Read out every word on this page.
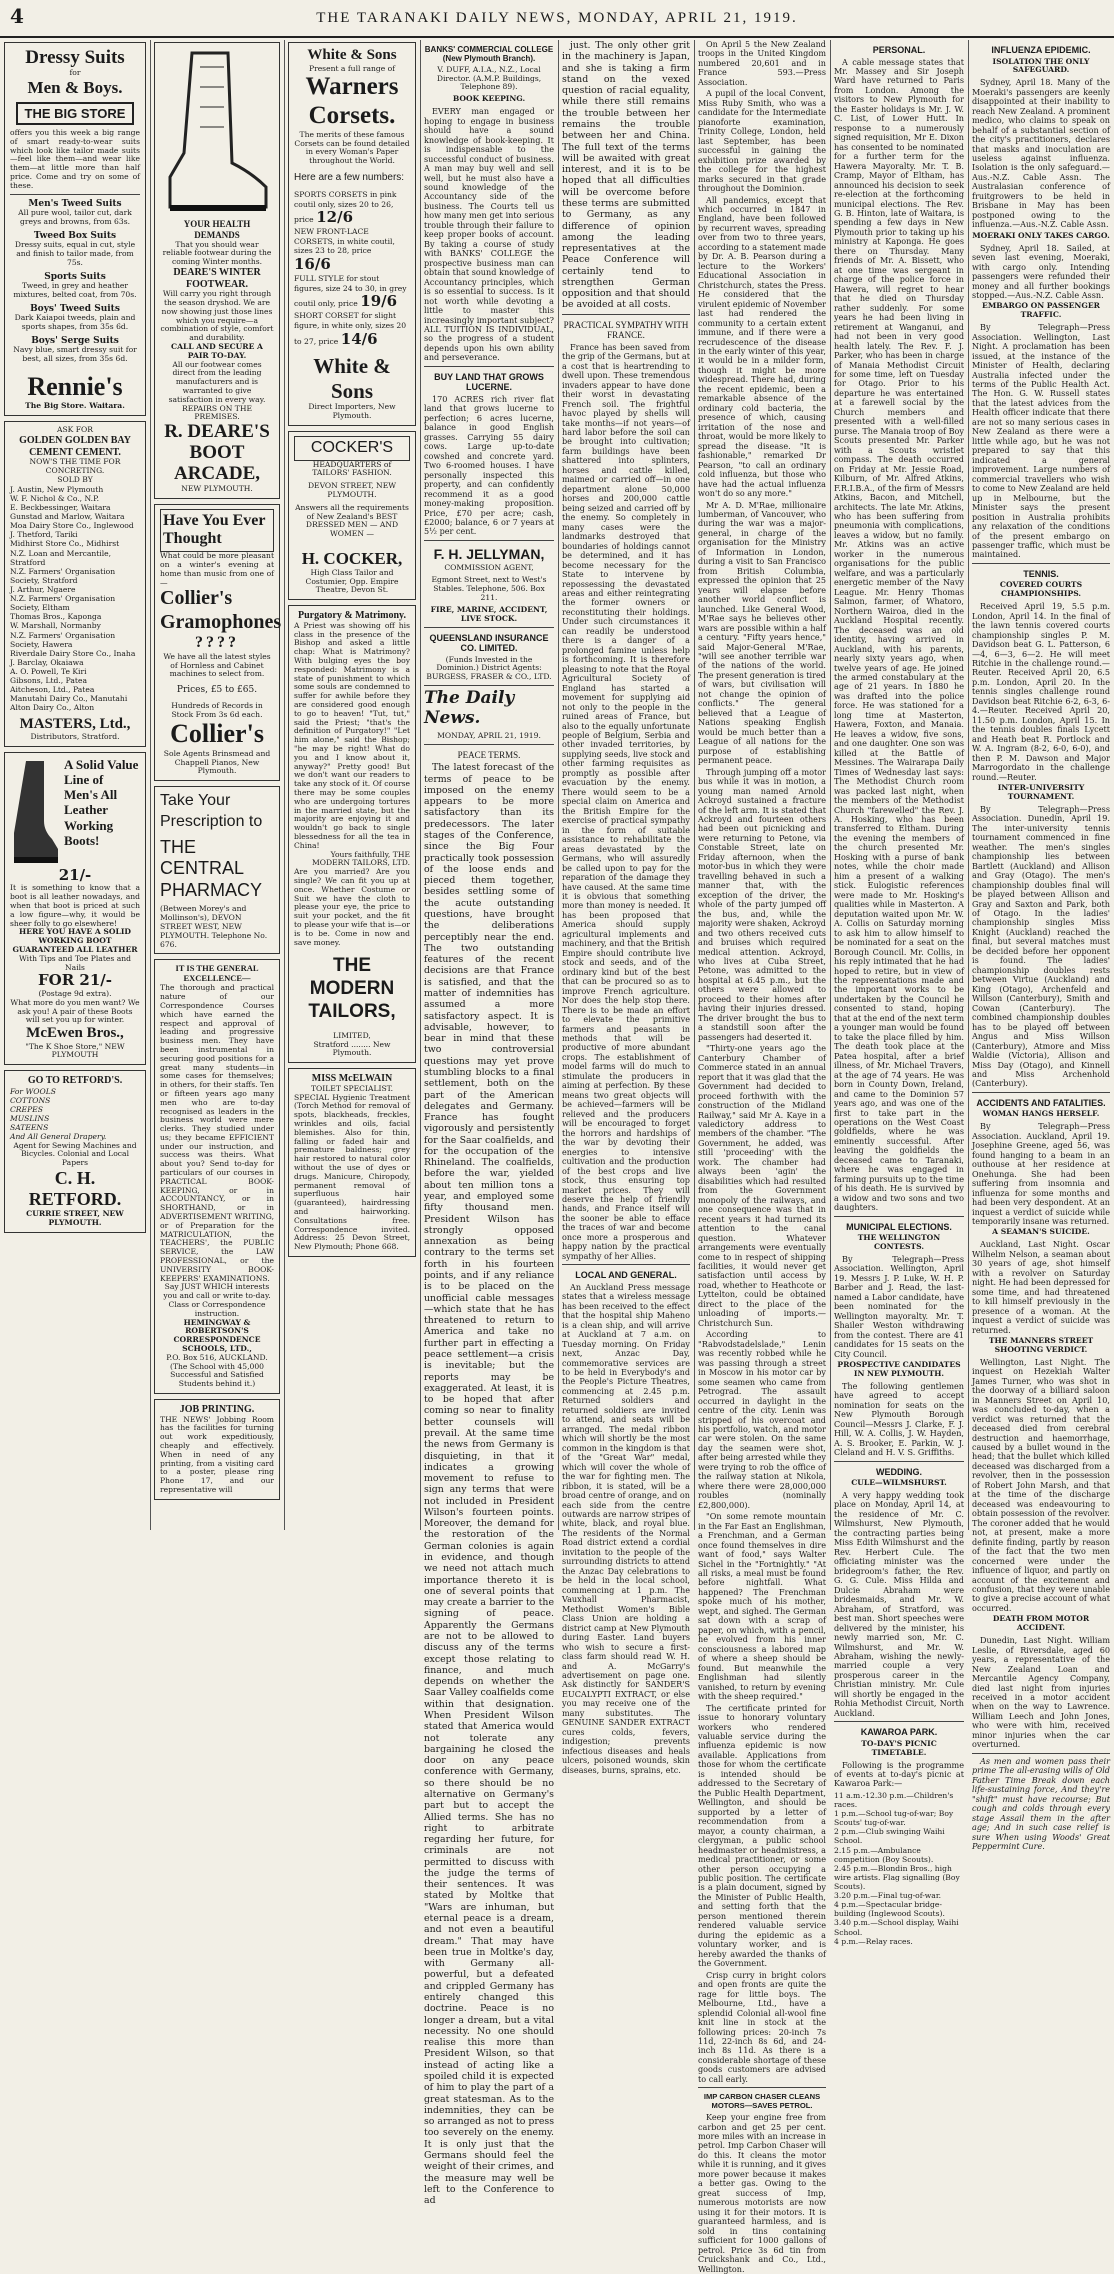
4	THE TARANAKI DAILY NEWS, MONDAY, APRIL 21, 1919.
Dressy Suits
for
Men & Boys.
THE BIG STORE
offers you this week a big range of smart ready-to-wear suits which look like tailor made suits—feel like them—and wear like them—at little more than half price. Come and try on some of these.
Men's Tweed Suits
All pure wool, tailor cut, dark greys and browns, from 63s.
Tweed Box Suits
Dressy suits, equal in cut, style and finish to tailor made, from 75s.
Sports Suits
Tweed, in grey and heather mixtures, belted coat, from 70s.
Boys' Tweed Suits
Dark Kaiapoi tweeds, plain and sports shapes, from 35s 6d.
Boys' Serge Suits
Navy blue, smart dressy suit for best, all sizes, from 35s 6d.
Rennie's
The Big Store. Waitara.
ASK FOR
GOLDEN GOLDEN BAY CEMENT CEMENT.
NOW'S THE TIME FOR CONCRETING.
SOLD BY
J. Austin, New Plymouth
W. F. Nichol & Co., N.P.
E. Beckbessinger, Waitara
Gunstad and Marlow, Waitara
Moa Dairy Store Co., Inglewood
J. Thetford, Tariki
Midhirst Store Co., Midhirst
N.Z. Loan and Mercantile, Stratford
N.Z. Farmers' Organisation Society, Stratford
J. Arthur, Ngaere
N.Z. Farmers' Organisation Society, Eltham
Thomas Bros., Kaponga
W. Marshall, Normanby
N.Z. Farmers' Organisation Society, Hawera
Riverdale Dairy Store Co., Inaha
J. Barclay, Okaiawa
A. O. Powell, Te Kiri
Gibsons, Ltd., Patea
Aitcheson, Ltd., Patea
Manutahi Dairy Co., Manutahi
Alton Dairy Co., Alton
MASTERS, Ltd.,
Distributors, Stratford.
A Solid Value Line of Men's All Leather Working Boots!
21/-
It is something to know that a boot is all leather nowadays, and when that boot is priced at such a low figure—why, it would be sheer folly to go elsewhere!
HERE YOU HAVE A SOLID WORKING BOOT GUARANTEED ALL LEATHER
With Tips and Toe Plates and Nails
FOR 21/-
(Postage 9d extra).
What more do you men want? We ask you! A pair of these Boots will set you up for winter.
McEwen Bros.,
"The K Shoe Store," NEW PLYMOUTH
GO TO RETFORD'S.
For WOOLS
COTTONS
CREPES
MUSLINS
SATEENS
And All General Drapery.
Agent for Sewing Machines and Bicycles. Colonial and Local Papers
C. H. RETFORD.
CURRIE STREET, NEW PLYMOUTH.
YOUR HEALTH DEMANDS
That you should wear reliable footwear during the coming Winter months.
DEARE'S WINTER FOOTWEAR.
Will carry you right through the season dryshod. We are now showing just those lines which you require—a combination of style, comfort and durability.
CALL AND SECURE A PAIR TO-DAY.
All our footwear comes direct from the leading manufacturers and is warranted to give satisfaction in every way. REPAIRS ON THE PREMISES.
R. DEARE'S BOOT ARCADE,
NEW PLYMOUTH.
Have You Ever Thought
What could be more pleasant on a winter's evening at home than music from one of—
Collier's Gramophones
????
We have all the latest styles of Hornless and Cabinet machines to select from.
Prices, £5 to £65.
Hundreds of Records in Stock From 3s 6d each.
Collier's
Sole Agents Brinsmead and Chappell Pianos, New Plymouth.
Take Your Prescription to
THE CENTRAL PHARMACY
(Between Morey's and Mollinson's), DEVON STREET WEST, NEW PLYMOUTH. Telephone No. 676.
IT IS THE GENERAL EXCELLENCE—
The thorough and practical nature of our Correspondence Courses which have earned the respect and approval of leading and progressive business men. They have been instrumental in securing good positions for a great many students—in some cases for themselves; in others, for their staffs. Ten or fifteen years ago many men who are to-day recognised as leaders in the business world were mere clerks. They studied under us; they became EFFICIENT under our instruction, and success was theirs. What about you? Send to-day for particulars of our courses in PRACTICAL BOOK-KEEPING, or in ACCOUNTANCY, or in SHORTHAND, or in ADVERTISEMENT WRITING, or of Preparation for the MATRICULATION, the TEACHERS', the PUBLIC SERVICE, the LAW PROFESSIONAL, or the UNIVERSITY BOOK-KEEPERS' EXAMINATIONS.
Say JUST WHICH interests you and call or write to-day. Class or Correspondence instruction.
HEMINGWAY & ROBERTSON'S CORRESPONDENCE SCHOOLS, LTD.,
P.O. Box 516, AUCKLAND.
(The School with 45,000 Successful and Satisfied Students behind it.)
JOB PRINTING.
THE NEWS' Jobbing Room has the facilities for turning out work expeditiously, cheaply and effectively. When in need of any printing, from a visiting card to a poster, please ring Phone 17, and our representative will
White & Sons
Present a full range of
Warners Corsets.
The merits of these famous Corsets can be found detailed in every Woman's Paper throughout the World.
Here are a few numbers:
SPORTS CORSETS in pink coutil only, sizes 20 to 26, price 12/6
NEW FRONT-LACE CORSETS, in white coutil, sizes 23 to 28, price 16/6
FULL STYLE for stout figures, size 24 to 30, in grey coutil only, price 19/6
SHORT CORSET for slight figure, in white only, sizes 20 to 27, price 14/6
White & Sons
Direct Importers, New Plymouth.
COCKER'S
HEADQUARTERS of TAILORS' FASHION.
DEVON STREET, NEW PLYMOUTH.
Answers all the requirements of New Zealand's BEST DRESSED MEN — AND WOMEN —
H. COCKER,
High Class Tailor and Costumier, Opp. Empire Theatre, Devon St.
Purgatory & Matrimony.
A Priest was showing off his class in the presence of the Bishop and asked a little chap: What is Matrimony? With bulging eyes the boy responded: Matrimony is a state of punishment to which some souls are condemned to suffer for awhile before they are considered good enough to go to heaven! "Tut, tut," said the Priest; "that's the definition of Purgatory!" "Let him alone," said the Bishop; "he may be right! What do you and I know about it, anyway?" Pretty good! But we don't want our readers to take any stock of it. Of course there may be some couples who are undergoing tortures in the married state, but the majority are enjoying it and wouldn't go back to single blessedness for all the tea in China!
Yours faithfully, THE MODERN TAILORS, LTD.
Are you married? Are you single? We can fit you up at once. Whether Costume or Suit we have the cloth to please your eye, the price to suit your pocket, and the fit to please your wife that is—or is to be. Come in now and save money.
THE MODERN TAILORS,
LIMITED,
Stratford ........ New Plymouth.
MISS McELWAIN
TOILET SPECIALIST.
SPECIAL Hygienic Treatment (Torch Method for removal of spots, blackheads, freckles, wrinkles and oils, facial blemishes. Also for thin, falling or faded hair and premature baldness; grey hair restored to natural color without the use of dyes or drugs. Manicure, Chiropody, permanent removal of superfluous hair (guaranteed), hairdressing and hairworking. Consultations free. Correspondence invited. Address: 25 Devon Street, New Plymouth; Phone 668.
BANKS' COMMERCIAL COLLEGE (New Plymouth Branch).
V. DUFF, A.I.A., N.Z., Local Director. (A.M.P. Buildings, Telephone 89).
BOOK KEEPING.

EVERY man engaged or hoping to engage in business should have a sound knowledge of book-keeping. It is indispensable to the successful conduct of business. A man may buy well and sell well, but he must also have a sound knowledge of the Accountancy side of the business. The Courts tell us how many men get into serious trouble through their failure to keep proper books of account. By taking a course of study with BANKS' COLLEGE the prospective business man can obtain that sound knowledge of Accountancy principles, which is so essential to success. Is it not worth while devoting a little to master this increasingly important subject? ALL TUITION IS INDIVIDUAL, so the progress of a student depends upon his own ability and perseverance.

BUY LAND THAT GROWS LUCERNE.

170 ACRES rich river flat land that grows lucerne to perfection; 6 acres lucerne, balance in good English grasses. Carrying 55 dairy cows. Large up-to-date cowshed and concrete yard. Two 6-roomed houses. I have personally inspected this property, and can confidently recommend it as a good money-making proposition. Price, £70 per acre; cash, £2000; balance, 6 or 7 years at 5½ per cent.

F. H. JELLYMAN,
COMMISSION AGENT,
Egmont Street, next to West's Stables. Telephone, 506. Box 211.
FIRE, MARINE, ACCIDENT, LIVE STOCK.
QUEENSLAND INSURANCE CO. LIMITED.
(Funds Invested in the Dominion.) District Agents: BURGESS, FRASER & CO., LTD.
The Daily News.
MONDAY, APRIL 21, 1919.
PEACE TERMS.

The latest forecast of the terms of peace to be imposed on the enemy appears to be more satisfactory than its predecessors. The later stages of the Conference, since the Big Four practically took possession of the loose ends and pieced them together, besides settling some of the acute outstanding questions, have brought the deliberations perceptibly near the end. The two outstanding features of the recent decisions are that France is satisfied, and that the matter of indemnities has assumed a more satisfactory aspect. It is advisable, however, to bear in mind that these two controversial questions may yet prove stumbling blocks to a final settlement, both on the part of the American delegates and Germany. France has fought vigorously and persistently for the Saar coalfields, and for the occupation of the Rhineland. The coalfields, before the war, yielded about ten million tons a year, and employed some fifty thousand men. President Wilson has strongly opposed annexation as being contrary to the terms set forth in his fourteen points, and if any reliance is to be placed on the unofficial cable messages—which state that he has threatened to return to America and take no further part in effecting a peace settlement—a crisis is inevitable; but the reports may be exaggerated. At least, it is to be hoped that after coming so near to finality better counsels will prevail. At the same time the news from Germany is disquieting, in that it indicates a growing movement to refuse to sign any terms that were not included in President Wilson's fourteen points. Moreover, the demand for the restoration of the German colonies is again in evidence, and though we need not attach much importance thereto it is one of several points that may create a barrier to the signing of peace. Apparently the Germans are not to be allowed to discuss any of the terms except those relating to finance, and much depends on whether the Saar Valley coalfields come within that designation. When President Wilson stated that America would not tolerate any bargaining he closed the door on any peace conference with Germany, so there should be no alternative on Germany's part but to accept the Allied terms. She has no right to arbitrate regarding her future, for criminals are not permitted to discuss with the judge the terms of their sentences. It was stated by Moltke that "Wars are inhuman, but eternal peace is a dream, and not even a beautiful dream." That may have been true in Moltke's day, with Germany all-powerful, but a defeated and crippled Germany has entirely changed this doctrine. Peace is no longer a dream, but a vital necessity. No one should realise this more than President Wilson, so that instead of acting like a spoiled child it is expected of him to play the part of a great statesman. As to the indemnities, they can be so arranged as not to press too severely on the enemy. It is only just that the Germans should feel the weight of their crimes, and the measure may well be left to the Conference to ad

just. The only other grit in the machinery is Japan, and she is taking a firm stand on the vexed question of racial equality, while there still remains the trouble between her remains the trouble between her and China. The full text of the terms will be awaited with great interest, and it is to be hoped that all difficulties will be overcome before these terms are submitted to Germany, as any difference of opinion among the leading representatives at the Peace Conference will certainly tend to strengthen German opposition and that should be avoided at all costs.

PRACTICAL SYMPATHY WITH FRANCE.

France has been saved from the grip of the Germans, but at a cost that is heartrending to dwell upon. These tremendous invaders appear to have done their worst in devastating French soil. The frightful havoc played by shells will take months—if not years—of hard labor before the soil can be brought into cultivation; farm buildings have been shattered into splinters, horses and cattle killed, maimed or carried off—in one department alone 50,000 horses and 200,000 cattle being seized and carried off by the enemy. So completely in many cases were the landmarks destroyed that boundaries of holdings cannot be determined, and it has become necessary for the State to intervene by repossessing the devastated areas and either reintegrating the former owners or reconstituting their holdings. Under such circumstances it can readily be understood there is a danger of a prolonged famine unless help is forthcoming. It is therefore pleasing to note that the Royal Agricultural Society of England has started a movement for supplying aid not only to the people in the ruined areas of France, but also to the equally unfortunate people of Belgium, Serbia and other invaded territories, by supplying seeds, live stock and other farming requisites as promptly as possible after evacuation by the enemy. There would seem to be a special claim on America and the British Empire for the exercise of practical sympathy in the form of suitable assistance to rehabilitate the areas devastated by the Germans, who will assuredly be called upon to pay for the reparation of the damage they have caused. At the same time it is obvious that something more than money is needed. It has been proposed that America should supply agricultural implements and machinery, and that the British Empire should contribute live stock and seeds, and of the ordinary kind but of the best that can be procured so as to improve French agriculture. Nor does the help stop there. There is to be made an effort to elevate the primitive farmers and peasants in methods that will be productive of more abundant crops. The establishment of model farms will do much to stimulate the producers in aiming at perfection. By these means two great objects will be achieved—farmers will be relieved and the producers will be encouraged to forget the horrors and hardships of the war by devoting their energies to intensive cultivation and the production of the best crops and live stock, thus ensuring top market prices. They will deserve the help of friendly hands, and France itself will the sooner be able to efface the traces of war and become once more a prosperous and happy nation by the practical sympathy of her Allies.

LOCAL AND GENERAL.

An Auckland Press message states that a wireless message has been received to the effect that the hospital ship Maheno is a clean ship, and will arrive at Auckland at 7 a.m. on Tuesday morning. On Friday next, Anzac Day, commemorative services are to be held in Everybody's and the People's Picture Theatres, commencing at 2.45 p.m. Returned soldiers and returned soldiers are invited to attend, and seats will be arranged. The medal ribbon which will shortly be the most common in the kingdom is that of the "Great War" medal, which will cover the whole of the war for fighting men. The ribbon, it is stated, will be a broad centre of orange, and on each side from the centre outwards are narrow stripes of white, black, and royal blue. The residents of the Normal Road district extend a cordial invitation to the people of the surrounding districts to attend the Anzac Day celebrations to be held in the local school, commencing at 1 p.m. The Vauxhall Pharmacist, Methodist Women's Bible Class Union are holding a district camp at New Plymouth during Easter. Land buyers who wish to secure a first-class farm should read W. H. and A. McGarry's advertisement on page one. Ask distinctly for SANDER'S EUCALYPTI EXTRACT, or else you may receive one of the many substitutes. The GENUINE SANDER EXTRACT cures colds, fevers, indigestion; prevents infectious diseases and heals ulcers, poisoned wounds, skin diseases, burns, sprains, etc.

On April 5 the New Zealand troops in the United Kingdom numbered 20,601 and in France 593.—Press Association.

A pupil of the local Convent, Miss Ruby Smith, who was a candidate for the Intermediate pianoforte examination, Trinity College, London, held last September, has been successful in gaining the exhibition prize awarded by the college for the highest marks secured in that grade throughout the Dominion.

All pandemics, except that which occurred in 1847 in England, have been followed by recurrent waves, spreading over from two to three years, according to a statement made by Dr. A. B. Pearson during a lecture to the Workers' Educational Association in Christchurch, states the Press. He considered that the virulent epidemic of November last had rendered the community to a certain extent immune, and if there were a recrudescence of the disease in the early winter of this year, it would be in a milder form, though it might be more widespread. There had, during the recent epidemic, been a remarkable absence of the ordinary cold bacteria, the presence of which, causing irritation of the nose and throat, would be more likely to spread the disease. "It is fashionable," remarked Dr Pearson, "to call an ordinary cold influenza, but those who have had the actual influenza won't do so any more."

Mr A. D. M'Rae, millionaire lumberman, of Vancouver, who during the war was a major-general, in charge of the organisation for the Ministry of Information in London, during a visit to San Francisco from British Columbia, expressed the opinion that 25 years will elapse before another world conflict is launched. Like General Wood, M'Rae says he believes other wars are possible within a half a century. "Fifty years hence," said Major-General M'Rae, "will see another terrible war of the nations of the world. The present generation is tired of wars, but civilisation will not change the opinion of conflicts." The general believed that a League of Nations speaking English would be much better than a League of all nations for the purpose of establishing permanent peace.

Through jumping off a motor bus while it was in motion, a young man named Arnold Ackroyd sustained a fracture of the left arm. It is stated that Ackroyd and fourteen others had been out picnicking and were returning to Petone, via Constable Street, late on Friday afternoon, when the motor-bus in which they were travelling behaved in such a manner that, with the exception of the driver, the whole of the party jumped off the bus, and, while the majority were shaken, Ackroyd and two others received cuts and bruises which required medical attention. Ackroyd, who lives at Cuba Street, Petone, was admitted to the hospital at 6.45 p.m., but the others were allowed to proceed to their homes after having their injuries dressed. The driver brought the bus to a standstill soon after the passengers had deserted it.

"Thirty-one years ago the Canterbury Chamber of Commerce stated in an annual report that it was glad that the Government had decided to proceed forthwith with the construction of the Midland Railway," said Mr A. Kaye in a valedictory address to members of the chamber. "The Government, he added, was still 'proceeding' with the work. The chamber had always been 'agin' the disabilities which had resulted from the Government monopoly of the railways, and one consequence was that in recent years it had turned its attention to the canal question. Whatever arrangements were eventually come to in respect of shipping facilities, it would never get satisfaction until access by road, whether to Heathcote or Lyttelton, could be obtained direct to the place of the unloading of imports.—Christchurch Sun.

According to "Rabvodstadelslade," Lenin was recently robbed while he was passing through a street in Moscow in his motor car by some seamen who came from Petrograd. The assault occurred in daylight in the centre of the city. Lenin was stripped of his overcoat and his portfolio, watch, and motor car were stolen. On the same day the seamen were shot, after being arrested while they were trying to rob the office of the railway station at Nikola, where there were 28,000,000 roubles (nominally £2,800,000).

"On some remote mountain in the Far East an Englishman, a Frenchman, and a German once found themselves in dire want of food," says Walter Sichel in the "Fortnightly." "At all risks, a meal must be found before nightfall. What happened? The Frenchman spoke much of his mother, wept, and sighed. The German sat down with a scrap of paper, on which, with a pencil, he evolved from his inner consciousness a labored map of where a sheep should be found. But meanwhile the Englishman had silently vanished, to return by evening with the sheep required."

The certificate printed for issue to honorary voluntary workers who rendered valuable service during the influenza epidemic is now available. Applications from those for whom the certificate is intended should be addressed to the Secretary of the Public Health Department, Wellington, and should be supported by a letter of recommendation from a mayor, a county chairman, a clergyman, a public school headmaster or headmistress, a medical practitioner, or some other person occupying a public position. The certificate is a plain document, signed by the Minister of Public Health, and setting forth that the person mentioned therein rendered valuable service during the epidemic as a voluntary worker, and is hereby awarded the thanks of the Government.

Crisp curry in bright colors and open fronts are quite the rage for little boys. The Melbourne, Ltd., have a splendid Colonial all-wool fine knit line in stock at the following prices: 20-inch 7s 11d, 22-inch 8s 6d, and 24-inch 8s 11d. As there is a considerable shortage of these goods customers are advised to call early.

IMP CARBON CHASER CLEANS MOTORS—SAVES PETROL.

Keep your engine free from carbon and get 25 per cent. more miles with an increase in petrol. Imp Carbon Chaser will do this. It cleans the motor while it is running, and it gives more power because it makes a better gas. Owing to the great success of Imp, numerous motorists are now using it for their motors. It is guaranteed harmless, and is sold in tins containing sufficient for 1000 gallons of petrol. Price 3s 6d tin from Cruickshank and Co., Ltd., Wellington.

PERSONAL.

A cable message states that Mr. Massey and Sir Joseph Ward have returned to Paris from London. Among the visitors to New Plymouth for the Easter holidays is Mr. J. W. C. List, of Lower Hutt. In response to a numerously signed requisition, Mr E. Dixon has consented to be nominated for a further term for the Hawera Mayoralty. Mr. T. B. Cramp, Mayor of Eltham, has announced his decision to seek re-election at the forthcoming municipal elections. The Rev. G. B. Hinton, late of Waitara, is spending a few days in New Plymouth prior to taking up his ministry at Kaponga. He goes there on Thursday. Many friends of Mr. A. Bissett, who at one time was sergeant in charge of the police force in Hawera, will regret to hear that he died on Thursday rather suddenly. For some years he had been living in retirement at Wanganui, and had not been in very good health lately. The Rev. F. J. Parker, who has been in charge of Manaia Methodist Circuit for some time, left on Tuesday for Otago. Prior to his departure he was entertained at a farewell social by the Church members and presented with a well-filled purse. The Manaia troop of Boy Scouts presented Mr. Parker with a Scouts wristlet compass. The death occurred on Friday at Mr. Jessie Road, Kilburn, of Mr. Alfred Atkins, F.R.I.B.A., of the firm of Messrs Atkins, Bacon, and Mitchell, architects. The late Mr. Atkins, who has been suffering from pneumonia with complications, leaves a widow, but no family. Mr. Atkins was an active worker in the numerous organisations for the public welfare, and was a particularly energetic member of the Navy League. Mr. Henry Thomas Salmon, farmer, of Whatoro, Northern Wairoa, died in the Auckland Hospital recently. The deceased was an old identity, having arrived in Auckland, with his parents, nearly sixty years ago, when twelve years of age. He joined the armed constabulary at the age of 21 years. In 1880 he was drafted into the police force. He was stationed for a long time at Masterton, Hawera, Foxton, and Manaia. He leaves a widow, five sons, and one daughter. One son was killed at the Battle of Messines. The Wairarapa Daily Times of Wednesday last says: The Methodist Church room was packed last night, when the members of the Methodist Church "farewelled" the Rev. J. A. Hosking, who has been transferred to Eltham. During the evening the members of the church presented Mr. Hosking with a purse of bank notes, while the choir made him a present of a walking stick. Eulogistic references were made to Mr. Hosking's qualities while in Masterton. A deputation waited upon Mr. W. A. Collis on Saturday morning to ask him to allow himself to be nominated for a seat on the Borough Council. Mr. Collis, in his reply intimated that he had hoped to retire, but in view of the representations made and the important works to be undertaken by the Council he consented to stand, hoping that at the end of the next term a younger man would be found to take the place filled by him. The death took place at the Patea hospital, after a brief illness, of Mr. Michael Travers, at the age of 74 years. He was born in County Down, Ireland, and came to the Dominion 57 years ago, and was one of the first to take part in the operations on the West Coast goldfields, where he was eminently successful. After leaving the goldfields the deceased came to Taranaki, where he was engaged in farming pursuits up to the time of his death. He is survived by a widow and two sons and two daughters.

MUNICIPAL ELECTIONS.
THE WELLINGTON CONTESTS.

By Telegraph—Press Association. Wellington, April 19. Messrs J. P. Luke, W. H. P. Barber and J. Read, the last-named a Labor candidate, have been nominated for the Wellington mayoralty. Mr. T. Shailer Weston withdrawing from the contest. There are 41 candidates for 15 seats on the City Council.

PROSPECTIVE CANDIDATES IN NEW PLYMOUTH.

The following gentlemen have agreed to accept nomination for seats on the New Plymouth Borough Council—Messrs J. Clarke, F. J. Hill, W. A. Collis, J. W. Hayden, A. S. Brooker, E. Parkin, W. J. Cleland and H. V. S. Griffiths.

WEDDING.
CULE—WILMSHURST.

A very happy wedding took place on Monday, April 14, at the residence of Mr. C. Wilmshurst, New Plymouth, the contracting parties being Miss Edith Wilmshurst and the Rev. Herbert Cule. The officiating minister was the bridegroom's father, the Rev. G. G. Cule. Miss Hilda and Dulcie Abraham were bridesmaids, and Mr. W. Abraham, of Stratford, was best man. Short speeches were delivered by the minister, his newly married son, Mr. C. Wilmshurst, and Mr. W. Abraham, wishing the newly-married couple a very prosperous career in the Christian ministry. Mr. Cule will shortly be engaged in the Rohia Methodist Circuit, North Auckland.

KAWAROA PARK.
TO-DAY'S PICNIC TIMETABLE.

Following is the programme of events at to-day's picnic at Kawaroa Park:—

11 a.m.-12.30 p.m.—Children's races.
1 p.m.—School tug-of-war; Boy Scouts' tug-of-war.
2 p.m.—Club swinging Waihi School.
2.15 p.m.—Ambulance competition (Boy Scouts).
2.45 p.m.—Blondin Bros., high wire artists. Flag signalling (Boy Scouts).
3.20 p.m.—Final tug-of-war.
4 p.m.—Spectacular bridge-building (Inglewood Scouts).
3.40 p.m.—School display, Waihi School.
4 p.m.—Relay races.
INFLUENZA EPIDEMIC.
ISOLATION THE ONLY SAFEGUARD.

Sydney, April 18. Many of the Moeraki's passengers are keenly disappointed at their inability to reach New Zealand. A prominent medico, who claims to speak on behalf of a substantial section of the city's practitioners, declares that masks and inoculation are useless against influenza. Isolation is the only safeguard.—Aus.-N.Z. Cable Assn. The Australasian conference of fruitgrowers to be held in Brisbane in May has been postponed owing to the influenza.—Aus.-N.Z. Cable Assn.

MOERAKI ONLY TAKES CARGO.

Sydney, April 18. Sailed, at seven last evening, Moeraki, with cargo only. Intending passengers were refunded their money and all further bookings stopped.—Aus.-N.Z. Cable Assn.

EMBARGO ON PASSENGER TRAFFIC.

By Telegraph—Press Association. Wellington, Last Night. A proclamation has been issued, at the instance of the Minister of Health, declaring Australia infected under the terms of the Public Health Act. The Hon. G. W. Russell states that the latest advices from the Health officer indicate that there are not so many serious cases in New Zealand as there were a little while ago, but he was not prepared to say that this indicated a general improvement. Large numbers of commercial travellers who wish to come to New Zealand are held up in Melbourne, but the Minister says the present position in Australia prohibits any relaxation of the conditions of the present embargo on passenger traffic, which must be maintained.

TENNIS.
COVERED COURTS CHAMPIONSHIPS.

Received April 19, 5.5 p.m. London, April 14. In the final of the lawn tennis covered courts championship singles P. M. Davidson beat G. L. Patterson, 6—4, 6—3, 6—2. He will meet Ritchie in the challenge round.—Reuter. Received April 20, 6.5 p.m. London, April 20. In the tennis singles challenge round Davidson beat Ritchie 6-2, 6-3, 6-4.—Reuter. Received April 20, 11.50 p.m. London, April 15. In the tennis doubles finals Lycett and Heath beat R. Portlock and W. A. Ingram (8-2, 6-0, 6-0), and then P. M. Dawson and Major Marrogordato in the challenge round.—Reuter.

INTER-UNIVERSITY TOURNAMENT.

By Telegraph—Press Association. Dunedin, April 19. The inter-university tennis tournament commenced in fine weather. The men's singles championship lies between Bartlett (Auckland) and Allison and Gray (Otago). The men's championship doubles final will be played between Allison and Gray and Saxton and Park, both of Otago. In the ladies' championship singles Miss Knight (Auckland) reached the final, but several matches must be decided before her opponent is found. The ladies' championship doubles rests between Virtue (Auckland) and King (Otago), Archenfeld and Willson (Canterbury), Smith and Cowan (Canterbury). The combined championship doubles has to be played off between Angus and Miss Willson (Canterbury), Atmore and Miss Waldie (Victoria), Allison and Miss Day (Otago), and Kinnell and Miss Archenhold (Canterbury).

ACCIDENTS AND FATALITIES.
WOMAN HANGS HERSELF.

By Telegraph—Press Association. Auckland, April 19. Josephine Greene, aged 56, was found hanging to a beam in an outhouse at her residence at Onehunga. She had been suffering from insomnia and influenza for some months and had been very despondent. At an inquest a verdict of suicide while temporarily insane was returned.

A SEAMAN'S SUICIDE.

Auckland, Last Night. Oscar Wilhelm Nelson, a seaman about 30 years of age, shot himself with a revolver on Saturday night. He had been depressed for some time, and had threatened to kill himself previously in the presence of a woman. At the inquest a verdict of suicide was returned.

THE MANNERS STREET SHOOTING VERDICT.

Wellington, Last Night. The inquest on Hezekiah Walter James Turner, who was shot in the doorway of a billiard saloon in Manners Street on April 10, was concluded to-day, when a verdict was returned that the deceased died from cerebral destruction and haemorrhage, caused by a bullet wound in the head; that the bullet which killed deceased was discharged from a revolver, then in the possession of Robert John Marsh, and that at the time of the discharge deceased was endeavouring to obtain possession of the revolver. The coroner added that he would not, at present, make a more definite finding, partly by reason of the fact that the two men concerned were under the influence of liquor, and partly on account of the excitement and confusion, that they were unable to give a precise account of what occurred.

DEATH FROM MOTOR ACCIDENT.

Dunedin, Last Night. William Leslie, of Riversdale, aged 60 years, a representative of the New Zealand Loan and Mercantile Agency Company, died last night from injuries received in a motor accident when on the way to Lawrence. William Leech and John Jones, who were with him, received minor injuries when the car overturned.

As men and women pass their prime The all-erasing wills of Old Father Time Break down each life-sustaining force, And they're "shift" must have recourse; But cough and colds through every stage Assail them in the after age; And in such case relief is sure When using Woods' Great Peppermint Cure.
